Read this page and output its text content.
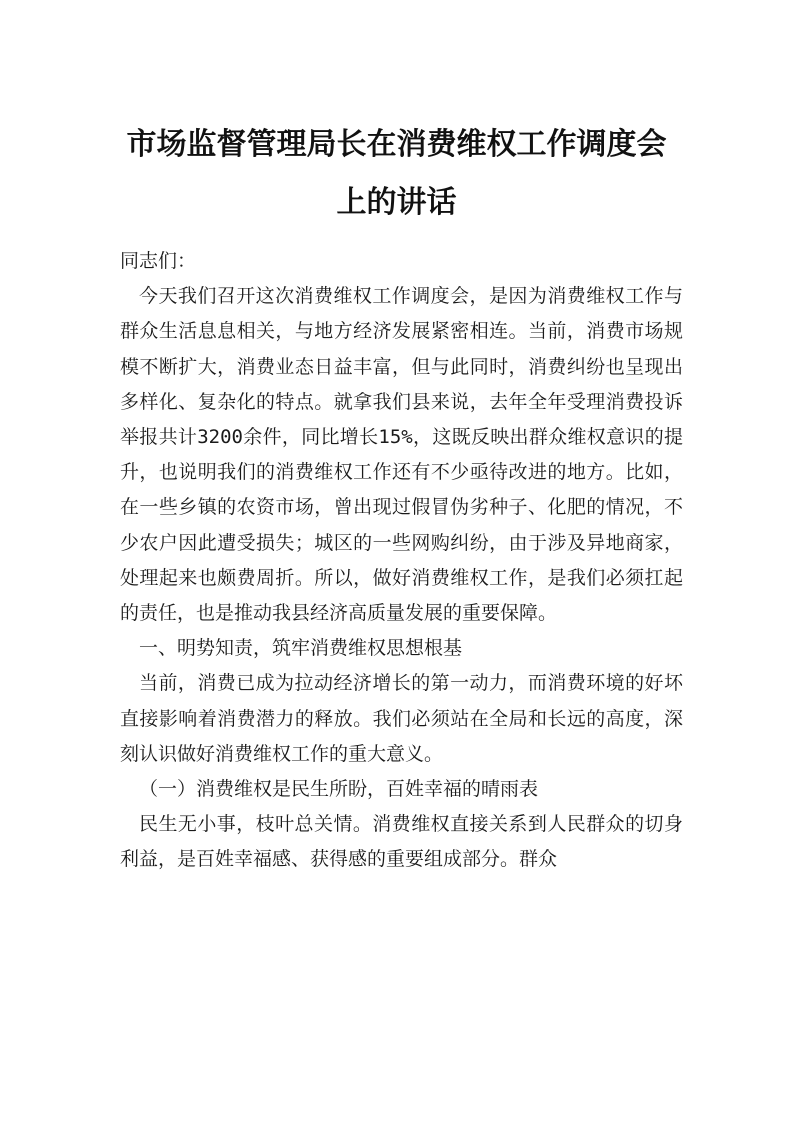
市场监督管理局长在消费维权工作调度会
上的讲话

同志们：

今天我们召开这次消费维权工作调度会，是因为消费维权工作与群众生活息息相关，与地方经济发展紧密相连。当前，消费市场规模不断扩大，消费业态日益丰富，但与此同时，消费纠纷也呈现出多样化、复杂化的特点。就拿我们县来说，去年全年受理消费投诉举报共计3200余件，同比增长15%，这既反映出群众维权意识的提升，也说明我们的消费维权工作还有不少亟待改进的地方。比如，在一些乡镇的农资市场，曾出现过假冒伪劣种子、化肥的情况，不少农户因此遭受损失；城区的一些网购纠纷，由于涉及异地商家，处理起来也颇费周折。所以，做好消费维权工作，是我们必须扛起的责任，也是推动我县经济高质量发展的重要保障。

一、明势知责，筑牢消费维权思想根基

当前，消费已成为拉动经济增长的第一动力，而消费环境的好坏直接影响着消费潜力的释放。我们必须站在全局和长远的高度，深刻认识做好消费维权工作的重大意义。

（一）消费维权是民生所盼，百姓幸福的晴雨表

民生无小事，枝叶总关情。消费维权直接关系到人民群众的切身利益，是百姓幸福感、获得感的重要组成部分。群众
